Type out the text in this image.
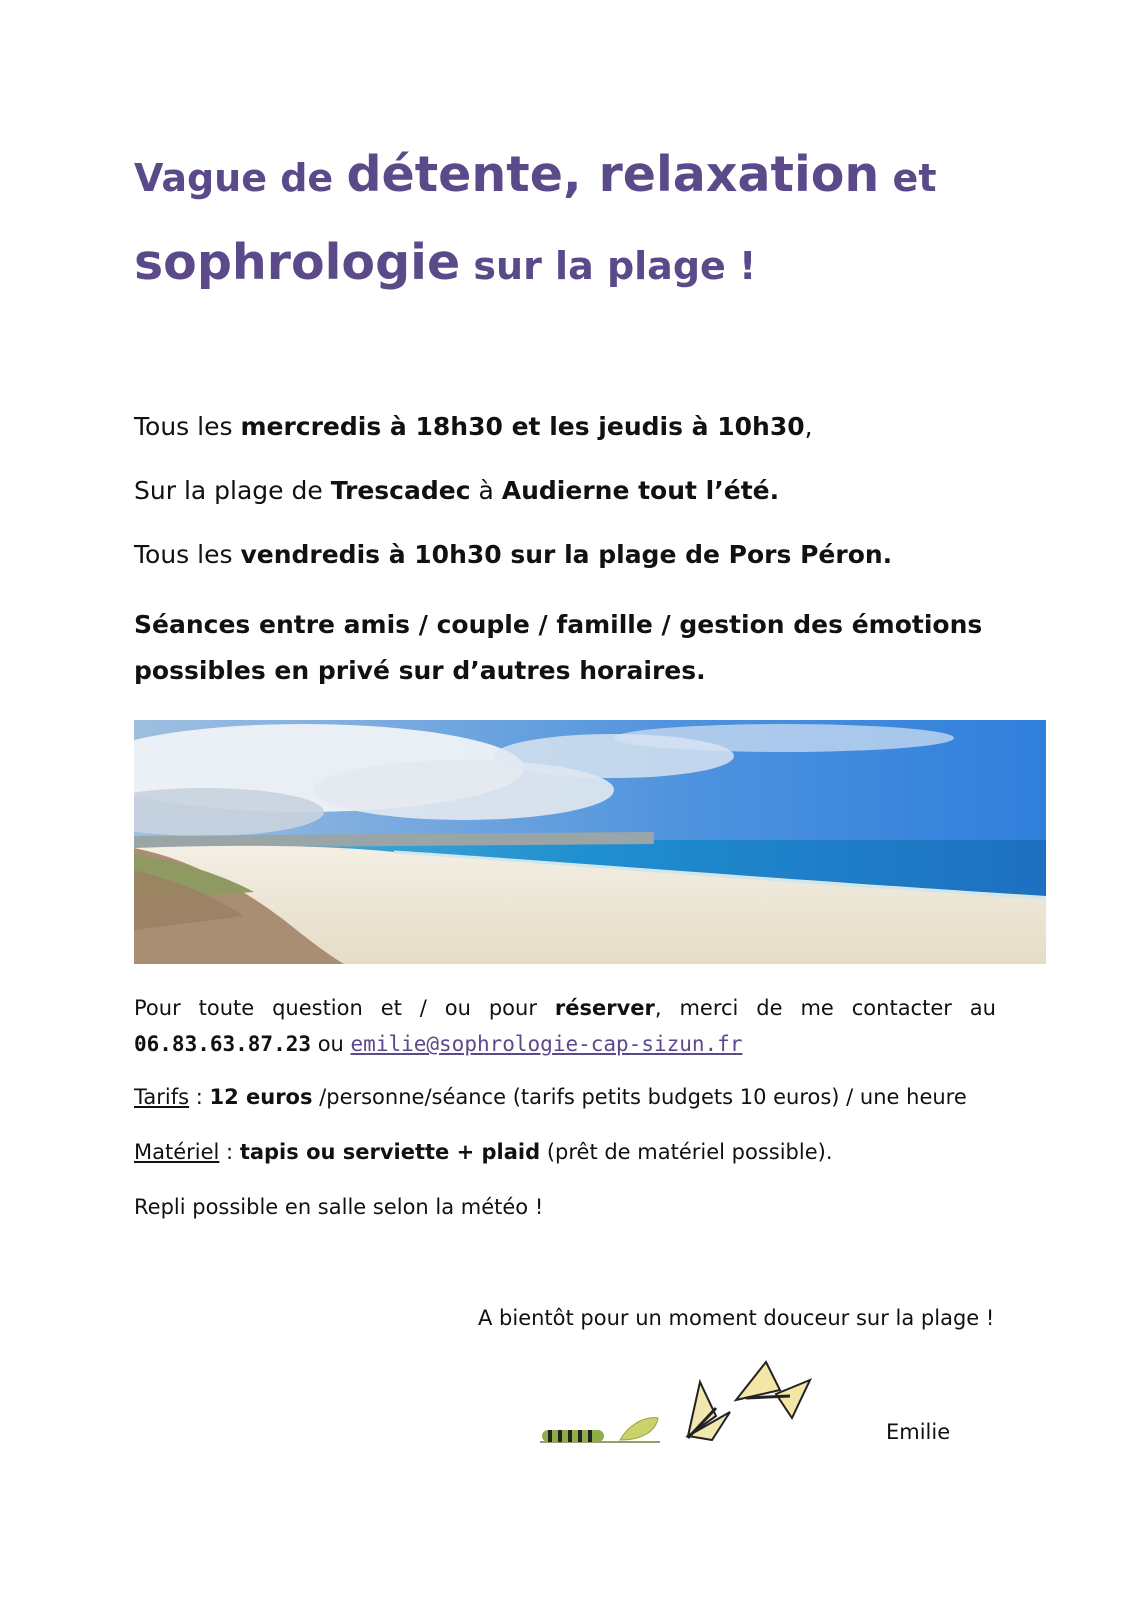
Vague de détente, relaxation et
sophrologie sur la plage !

Tous les mercredis à 18h30 et les jeudis à 10h30,

Sur la plage de Trescadec à Audierne tout l’été.

Tous les vendredis à 10h30 sur la plage de Pors Péron.

Séances entre amis / couple / famille / gestion des émotions possibles en privé sur d’autres horaires.

Pour toute question et / ou pour réserver, merci de me contacter au 06.83.63.87.23 ou emilie@sophrologie-cap-sizun.fr

Tarifs : 12 euros /personne/séance (tarifs petits budgets 10 euros) / une heure

Matériel : tapis ou serviette + plaid (prêt de matériel possible).

Repli possible en salle selon la météo !

A bientôt pour un moment douceur sur la plage !

Emilie
